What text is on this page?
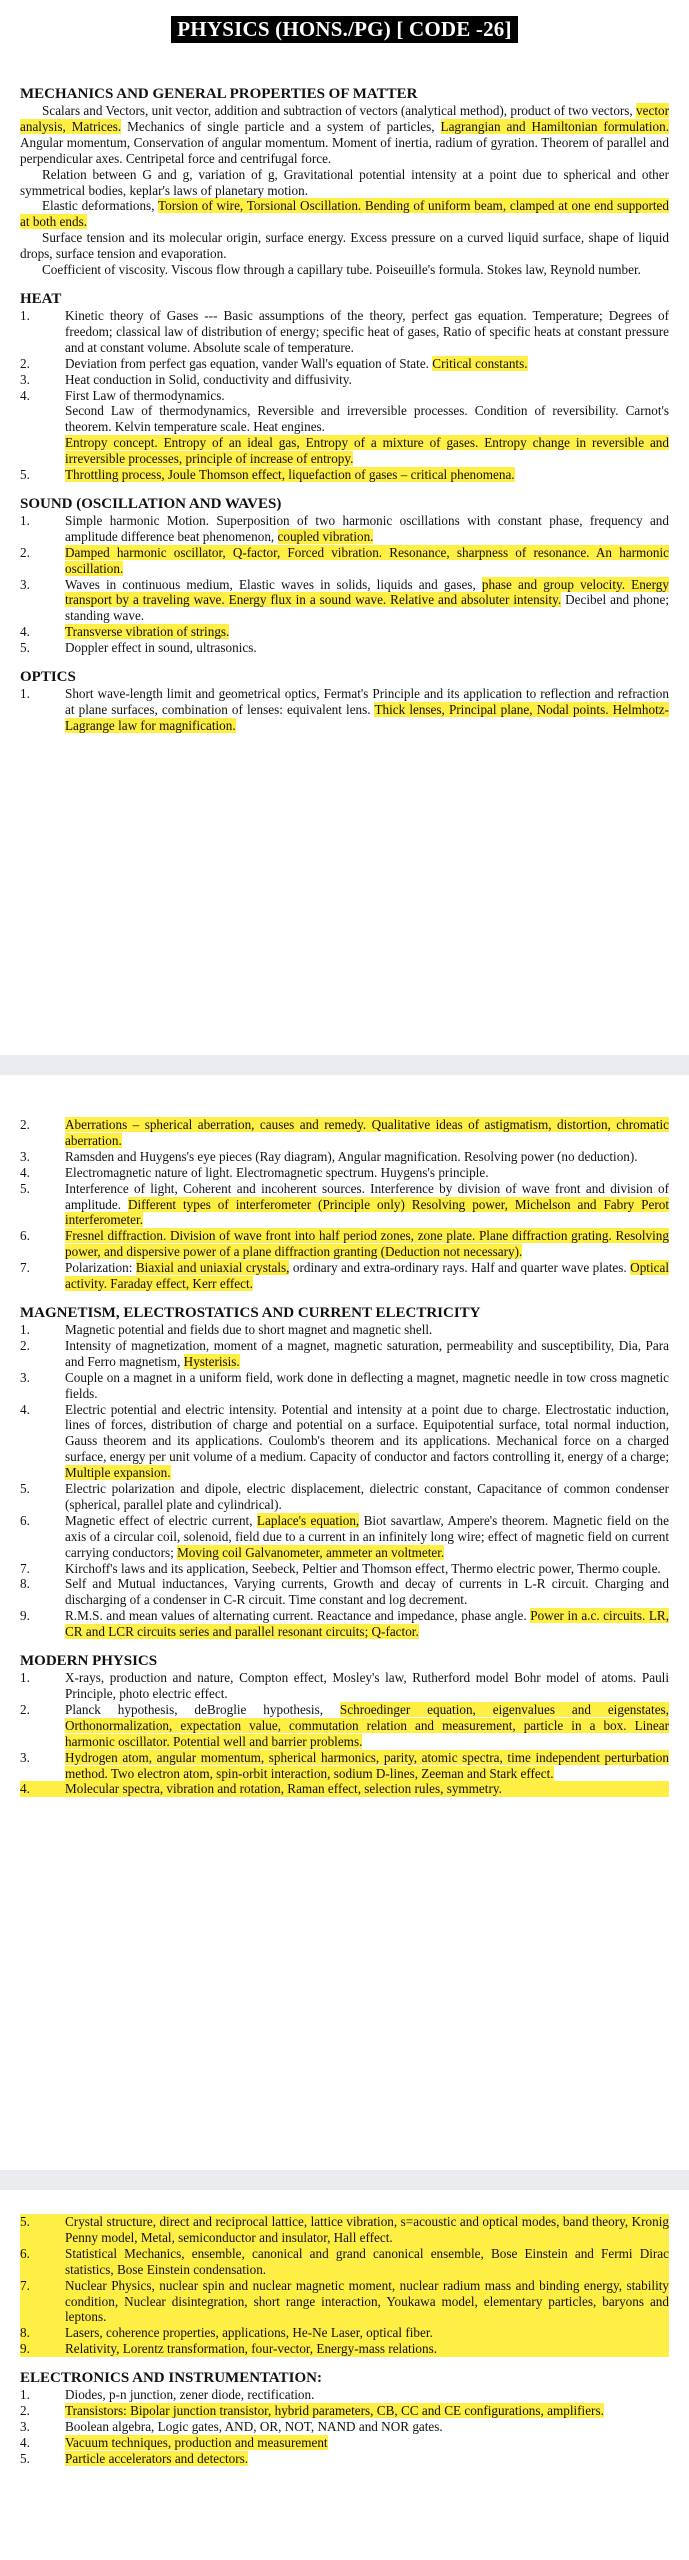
PHYSICS (HONS./PG) [ CODE -26]

MECHANICS AND GENERAL PROPERTIES OF MATTER

Scalars and Vectors, unit vector, addition and subtraction of vectors (analytical method), product of two vectors, vector analysis, Matrices. Mechanics of single particle and a system of particles, Lagrangian and Hamiltonian formulation. Angular momentum, Conservation of angular momentum. Moment of inertia, radium of gyration. Theorem of parallel and perpendicular axes. Centripetal force and centrifugal force.

Relation between G and g, variation of g, Gravitational potential intensity at a point due to spherical and other symmetrical bodies, keplar's laws of planetary motion.

Elastic deformations, Torsion of wire, Torsional Oscillation. Bending of uniform beam, clamped at one end supported at both ends.

Surface tension and its molecular origin, surface energy. Excess pressure on a curved liquid surface, shape of liquid drops, surface tension and evaporation.

Coefficient of viscosity. Viscous flow through a capillary tube. Poiseuille's formula. Stokes law, Reynold number.

HEAT

1.	Kinetic theory of Gases --- Basic assumptions of the theory, perfect gas equation. Temperature; Degrees of freedom; classical law of distribution of energy; specific heat of gases, Ratio of specific heats at constant pressure and at constant volume. Absolute scale of temperature.
2.	Deviation from perfect gas equation, vander Wall's equation of State. Critical constants.
3.	Heat conduction in Solid, conductivity and diffusivity.
4.	First Law of thermodynamics.
Second Law of thermodynamics, Reversible and irreversible processes. Condition of reversibility. Carnot's theorem. Kelvin temperature scale. Heat engines.
Entropy concept. Entropy of an ideal gas, Entropy of a mixture of gases. Entropy change in reversible and irreversible processes, principle of increase of entropy.
5.	Throttling process, Joule Thomson effect, liquefaction of gases – critical phenomena.

SOUND (OSCILLATION AND WAVES)

1.	Simple harmonic Motion. Superposition of two harmonic oscillations with constant phase, frequency and amplitude difference beat phenomenon, coupled vibration.
2.	Damped harmonic oscillator, Q-factor, Forced vibration. Resonance, sharpness of resonance. An harmonic oscillation.
3.	Waves in continuous medium, Elastic waves in solids, liquids and gases, phase and group velocity. Energy transport by a traveling wave. Energy flux in a sound wave. Relative and absoluter intensity. Decibel and phone; standing wave.
4.	Transverse vibration of strings.
5.	Doppler effect in sound, ultrasonics.

OPTICS

1.	Short wave-length limit and geometrical optics, Fermat's Principle and its application to reflection and refraction at plane surfaces, combination of lenses: equivalent lens. Thick lenses, Principal plane, Nodal points. Helmhotz-Lagrange law for magnification.
2.	Aberrations – spherical aberration, causes and remedy. Qualitative ideas of astigmatism, distortion, chromatic aberration.
3.	Ramsden and Huygens's eye pieces (Ray diagram), Angular magnification. Resolving power (no deduction).
4.	Electromagnetic nature of light. Electromagnetic spectrum. Huygens's principle.
5.	Interference of light, Coherent and incoherent sources. Interference by division of wave front and division of amplitude. Different types of interferometer (Principle only) Resolving power, Michelson and Fabry Perot interferometer.
6.	Fresnel diffraction. Division of wave front into half period zones, zone plate. Plane diffraction grating. Resolving power, and dispersive power of a plane diffraction granting (Deduction not necessary).
7.	Polarization: Biaxial and uniaxial crystals, ordinary and extra-ordinary rays. Half and quarter wave plates. Optical activity. Faraday effect, Kerr effect.

MAGNETISM, ELECTROSTATICS AND CURRENT ELECTRICITY

1.	Magnetic potential and fields due to short magnet and magnetic shell.
2.	Intensity of magnetization, moment of a magnet, magnetic saturation, permeability and susceptibility, Dia, Para and Ferro magnetism, Hysterisis.
3.	Couple on a magnet in a uniform field, work done in deflecting a magnet, magnetic needle in tow cross magnetic fields.
4.	Electric potential and electric intensity. Potential and intensity at a point due to charge. Electrostatic induction, lines of forces, distribution of charge and potential on a surface. Equipotential surface, total normal induction, Gauss theorem and its applications. Coulomb's theorem and its applications. Mechanical force on a charged surface, energy per unit volume of a medium. Capacity of conductor and factors controlling it, energy of a charge; Multiple expansion.
5.	Electric polarization and dipole, electric displacement, dielectric constant, Capacitance of common condenser (spherical, parallel plate and cylindrical).
6.	Magnetic effect of electric current, Laplace's equation, Biot savartlaw, Ampere's theorem. Magnetic field on the axis of a circular coil, solenoid, field due to a current in an infinitely long wire; effect of magnetic field on current carrying conductors; Moving coil Galvanometer, ammeter an voltmeter.
7.	Kirchoff's laws and its application, Seebeck, Peltier and Thomson effect, Thermo electric power, Thermo couple.
8.	Self and Mutual inductances, Varying currents, Growth and decay of currents in L-R circuit. Charging and discharging of a condenser in C-R circuit. Time constant and log decrement.
9.	R.M.S. and mean values of alternating current. Reactance and impedance, phase angle. Power in a.c. circuits. LR, CR and LCR circuits series and parallel resonant circuits; Q-factor.

MODERN PHYSICS

1.	X-rays, production and nature, Compton effect, Mosley's law, Rutherford model Bohr model of atoms. Pauli Principle, photo electric effect.
2.	Planck hypothesis, deBroglie hypothesis, Schroedinger equation, eigenvalues and eigenstates, Orthonormalization, expectation value, commutation relation and measurement, particle in a box. Linear harmonic oscillator. Potential well and barrier problems.
3.	Hydrogen atom, angular momentum, spherical harmonics, parity, atomic spectra, time independent perturbation method. Two electron atom, spin-orbit interaction, sodium D-lines, Zeeman and Stark effect.
4.	Molecular spectra, vibration and rotation, Raman effect, selection rules, symmetry.
5.	Crystal structure, direct and reciprocal lattice, lattice vibration, s=acoustic and optical modes, band theory, Kronig Penny model, Metal, semiconductor and insulator, Hall effect.
6.	Statistical Mechanics, ensemble, canonical and grand canonical ensemble, Bose Einstein and Fermi Dirac statistics, Bose Einstein condensation.
7.	Nuclear Physics, nuclear spin and nuclear magnetic moment, nuclear radium mass and binding energy, stability condition, Nuclear disintegration, short range interaction, Youkawa model, elementary particles, baryons and leptons.
8.	Lasers, coherence properties, applications, He-Ne Laser, optical fiber.
9.	Relativity, Lorentz transformation, four-vector, Energy-mass relations.

ELECTRONICS AND INSTRUMENTATION:

1.	Diodes, p-n junction, zener diode, rectification.
2.	Transistors: Bipolar junction transistor, hybrid parameters, CB, CC and CE configurations, amplifiers.
3.	Boolean algebra, Logic gates, AND, OR, NOT, NAND and NOR gates.
4.	Vacuum techniques, production and measurement
5.	Particle accelerators and detectors.
